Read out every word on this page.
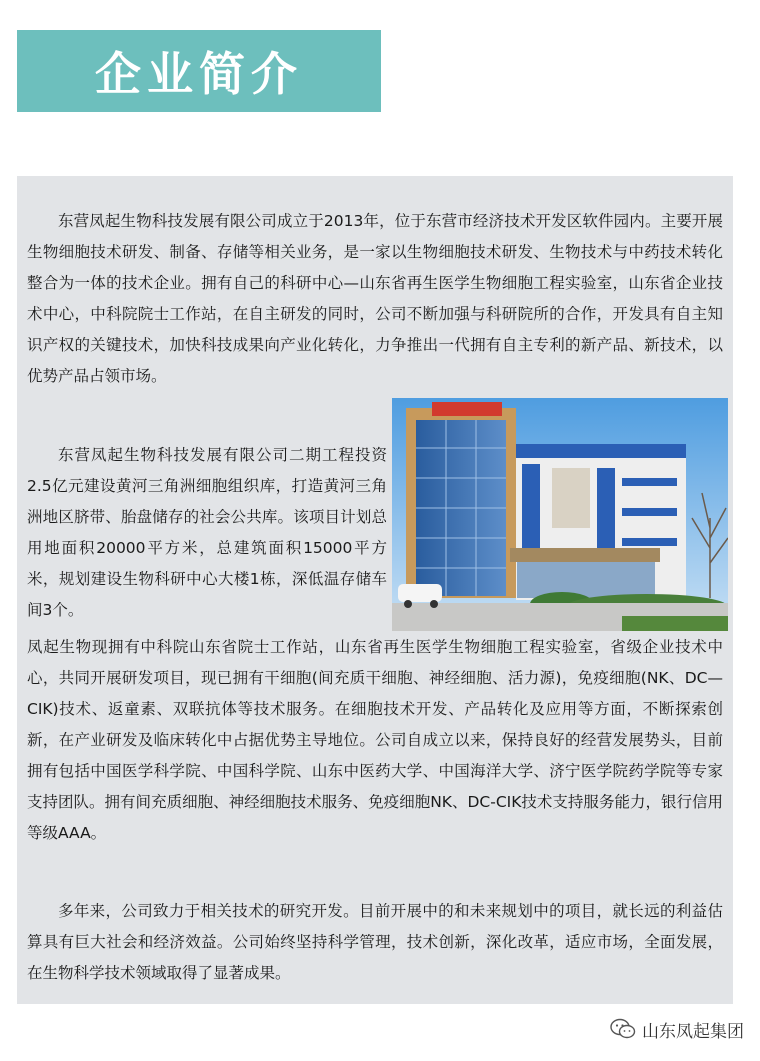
企业简介

东营凤起生物科技发展有限公司成立于2013年，位于东营市经济技术开发区软件园内。主要开展生物细胞技术研发、制备、存储等相关业务，是一家以生物细胞技术研发、生物技术与中药技术转化整合为一体的技术企业。拥有自己的科研中心—山东省再生医学生物细胞工程实验室，山东省企业技术中心，中科院院士工作站，在自主研发的同时，公司不断加强与科研院所的合作，开发具有自主知识产权的关键技术，加快科技成果向产业化转化，力争推出一代拥有自主专利的新产品、新技术，以优势产品占领市场。

东营凤起生物科技发展有限公司二期工程投资2.5亿元建设黄河三角洲细胞组织库，打造黄河三角洲地区脐带、胎盘储存的社会公共库。该项目计划总用地面积20000平方米，总建筑面积15000平方米，规划建设生物科研中心大楼1栋，深低温存储车间3个。

凤起生物现拥有中科院山东省院士工作站，山东省再生医学生物细胞工程实验室，省级企业技术中心，共同开展研发项目，现已拥有干细胞(间充质干细胞、神经细胞、活力源)，免疫细胞(NK、DC—CIK)技术、返童素、双联抗体等技术服务。在细胞技术开发、产品转化及应用等方面，不断探索创新，在产业研发及临床转化中占据优势主导地位。公司自成立以来，保持良好的经营发展势头，目前拥有包括中国医学科学院、中国科学院、山东中医药大学、中国海洋大学、济宁医学院药学院等专家支持团队。拥有间充质细胞、神经细胞技术服务、免疫细胞NK、DC-CIK技术支持服务能力，银行信用等级AAA。

多年来，公司致力于相关技术的研究开发。目前开展中的和未来规划中的项目，就长远的利益估算具有巨大社会和经济效益。公司始终坚持科学管理，技术创新，深化改革，适应市场，全面发展，在生物科学技术领域取得了显著成果。

山东凤起集团
